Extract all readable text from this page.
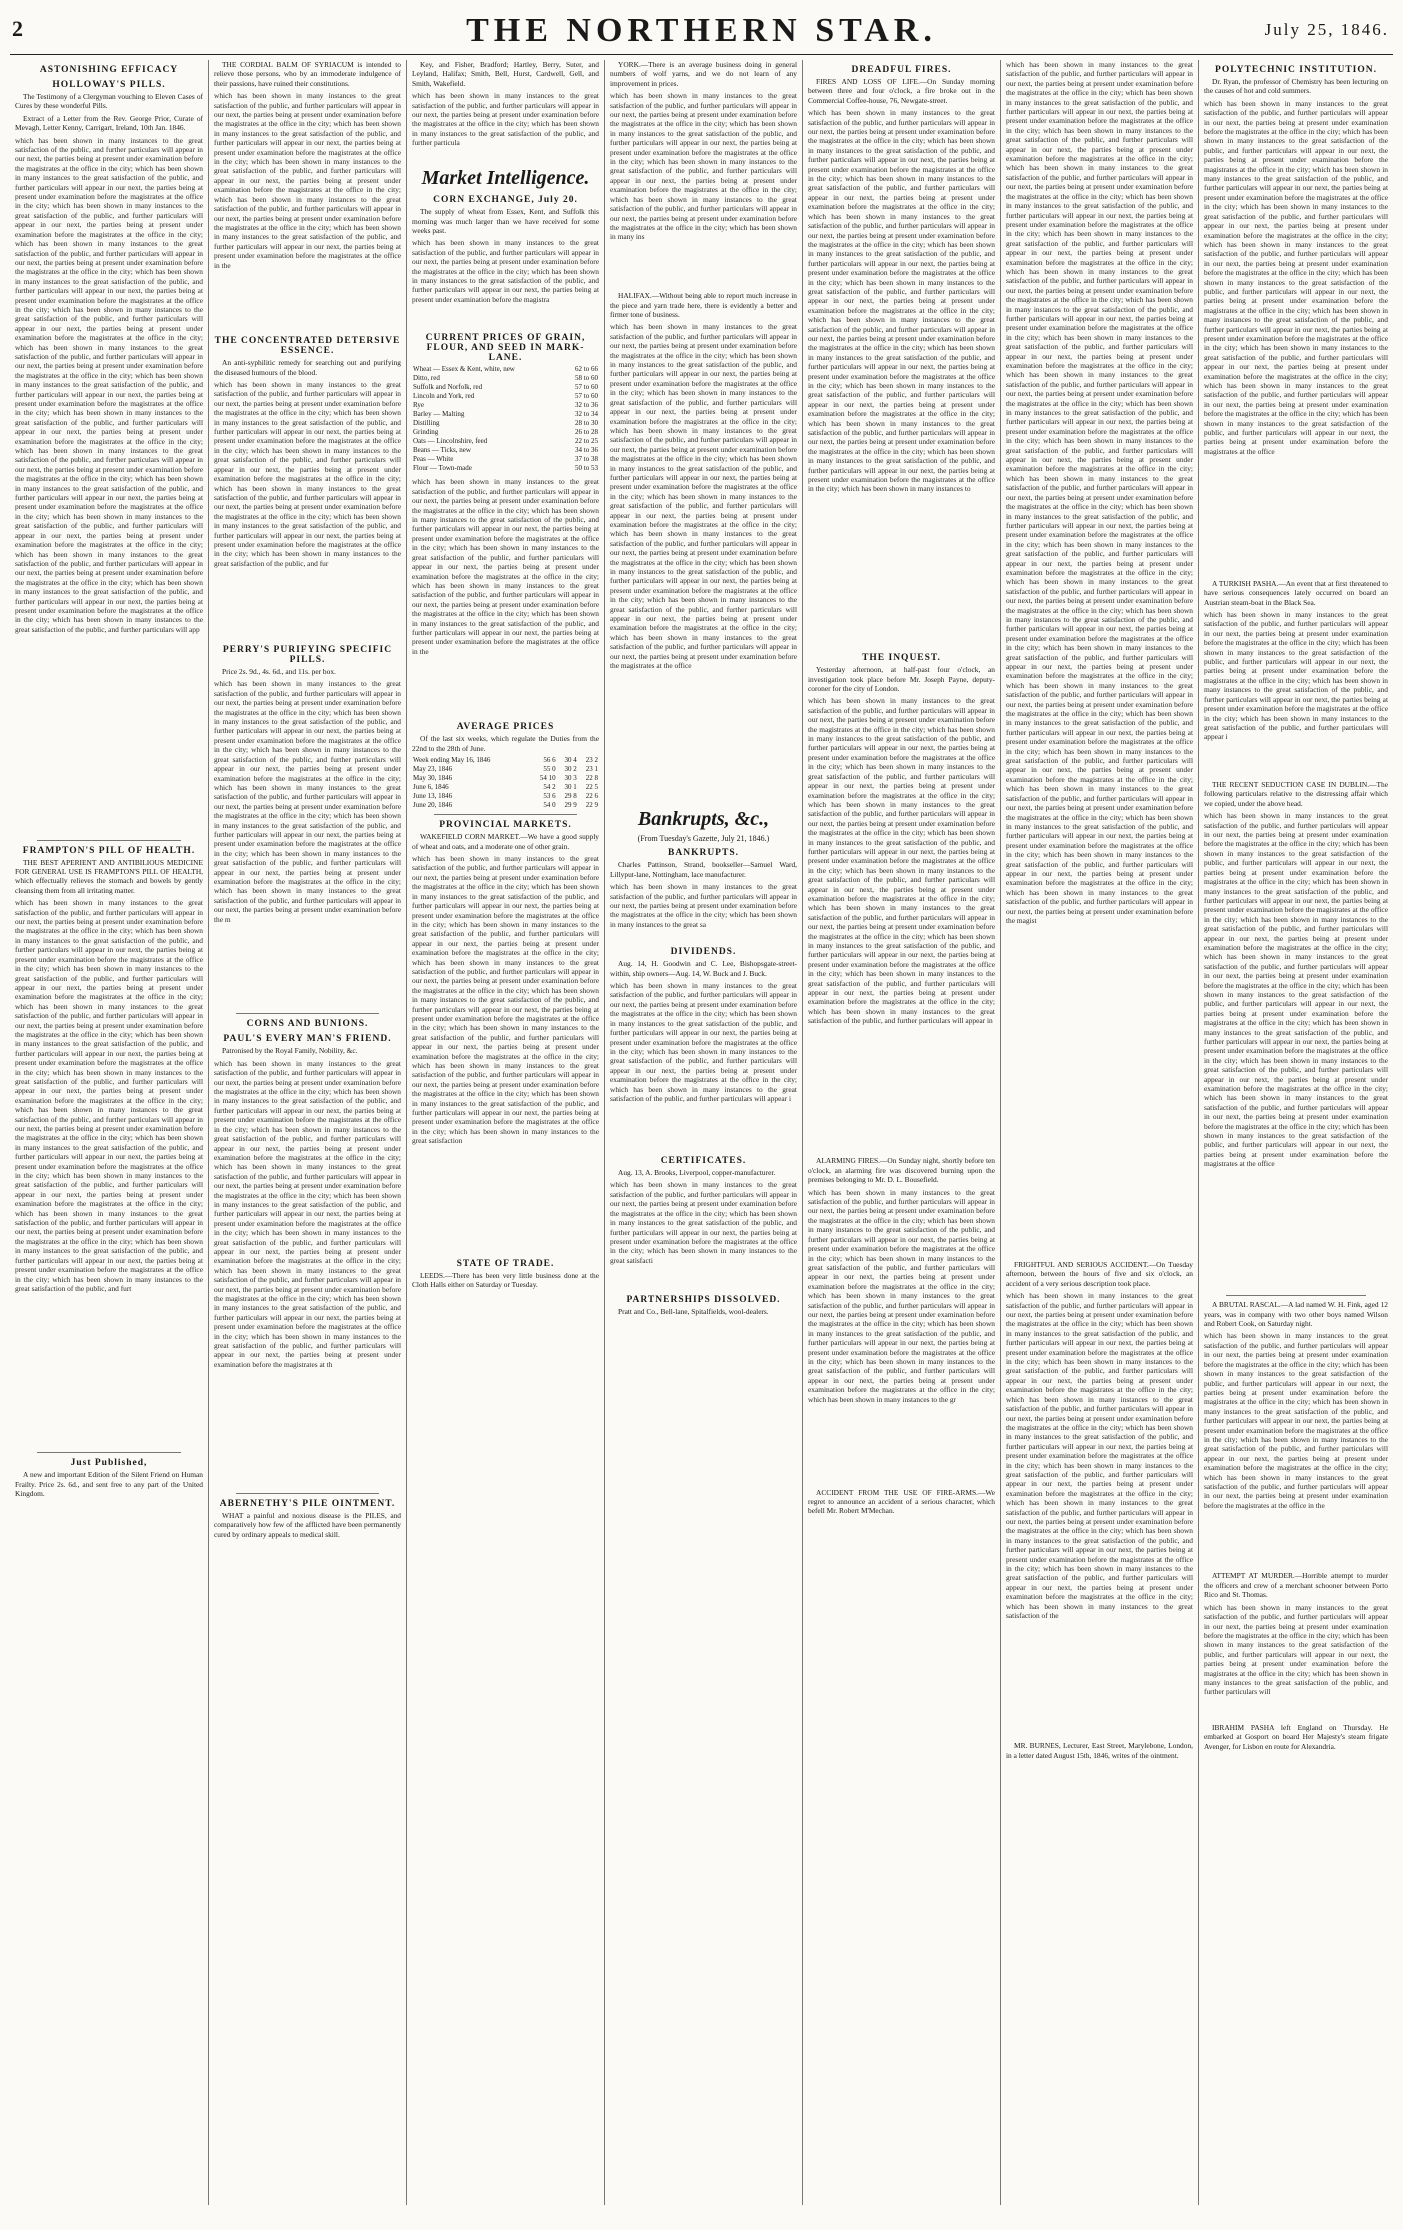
2	THE NORTHERN STAR.	July 25, 1846.
ASTONISHING EFFICACY
HOLLOWAY'S PILLS.

The Testimony of a Clergyman vouching to Eleven Cases of Cures by these wonderful Pills.

Extract of a Letter from the Rev. George Prior, Curate of Mevagh, Letter Kenny, Carrigart, Ireland, 10th Jan. 1846.

which has been shown in many instances to the great satisfaction of the public, and further particulars will appear in our next, the parties being at present under examination before the magistrates at the office in the city; which has been shown in many instances to the great satisfaction of the public, and further particulars will appear in our next, the parties being at present under examination before the magistrates at the office in the city; which has been shown in many instances to the great satisfaction of the public, and further particulars will appear in our next, the parties being at present under examination before the magistrates at the office in the city; which has been shown in many instances to the great satisfaction of the public, and further particulars will appear in our next, the parties being at present under examination before the magistrates at the office in the city; which has been shown in many instances to the great satisfaction of the public, and further particulars will appear in our next, the parties being at present under examination before the magistrates at the office in the city; which has been shown in many instances to the great satisfaction of the public, and further particulars will appear in our next, the parties being at present under examination before the magistrates at the office in the city; which has been shown in many instances to the great satisfaction of the public, and further particulars will appear in our next, the parties being at present under examination before the magistrates at the office in the city; which has been shown in many instances to the great satisfaction of the public, and further particulars will appear in our next, the parties being at present under examination before the magistrates at the office in the city; which has been shown in many instances to the great satisfaction of the public, and further particulars will appear in our next, the parties being at present under examination before the magistrates at the office in the city; which has been shown in many instances to the great satisfaction of the public, and further particulars will appear in our next, the parties being at present under examination before the magistrates at the office in the city; which has been shown in many instances to the great satisfaction of the public, and further particulars will appear in our next, the parties being at present under examination before the magistrates at the office in the city; which has been shown in many instances to the great satisfaction of the public, and further particulars will appear in our next, the parties being at present under examination before the magistrates at the office in the city; which has been shown in many instances to the great satisfaction of the public, and further particulars will appear in our next, the parties being at present under examination before the magistrates at the office in the city; which has been shown in many instances to the great satisfaction of the public, and further particulars will appear in our next, the parties being at present under examination before the magistrates at the office in the city; which has been shown in many instances to the great satisfaction of the public, and further particulars will app
FRAMPTON'S PILL OF HEALTH.

THE BEST APERIENT AND ANTIBILIOUS MEDICINE FOR GENERAL USE IS FRAMPTON'S PILL OF HEALTH, which effectually relieves the stomach and bowels by gently cleansing them from all irritating matter.

which has been shown in many instances to the great satisfaction of the public, and further particulars will appear in our next, the parties being at present under examination before the magistrates at the office in the city; which has been shown in many instances to the great satisfaction of the public, and further particulars will appear in our next, the parties being at present under examination before the magistrates at the office in the city; which has been shown in many instances to the great satisfaction of the public, and further particulars will appear in our next, the parties being at present under examination before the magistrates at the office in the city; which has been shown in many instances to the great satisfaction of the public, and further particulars will appear in our next, the parties being at present under examination before the magistrates at the office in the city; which has been shown in many instances to the great satisfaction of the public, and further particulars will appear in our next, the parties being at present under examination before the magistrates at the office in the city; which has been shown in many instances to the great satisfaction of the public, and further particulars will appear in our next, the parties being at present under examination before the magistrates at the office in the city; which has been shown in many instances to the great satisfaction of the public, and further particulars will appear in our next, the parties being at present under examination before the magistrates at the office in the city; which has been shown in many instances to the great satisfaction of the public, and further particulars will appear in our next, the parties being at present under examination before the magistrates at the office in the city; which has been shown in many instances to the great satisfaction of the public, and further particulars will appear in our next, the parties being at present under examination before the magistrates at the office in the city; which has been shown in many instances to the great satisfaction of the public, and further particulars will appear in our next, the parties being at present under examination before the magistrates at the office in the city; which has been shown in many instances to the great satisfaction of the public, and further particulars will appear in our next, the parties being at present under examination before the magistrates at the office in the city; which has been shown in many instances to the great satisfaction of the public, and furt
Just Published,

A new and important Edition of the Silent Friend on Human Frailty. Price 2s. 6d., and sent free to any part of the United Kingdom.

THE CORDIAL BALM OF SYRIACUM is intended to relieve those persons, who by an immoderate indulgence of their passions, have ruined their constitutions.

which has been shown in many instances to the great satisfaction of the public, and further particulars will appear in our next, the parties being at present under examination before the magistrates at the office in the city; which has been shown in many instances to the great satisfaction of the public, and further particulars will appear in our next, the parties being at present under examination before the magistrates at the office in the city; which has been shown in many instances to the great satisfaction of the public, and further particulars will appear in our next, the parties being at present under examination before the magistrates at the office in the city; which has been shown in many instances to the great satisfaction of the public, and further particulars will appear in our next, the parties being at present under examination before the magistrates at the office in the city; which has been shown in many instances to the great satisfaction of the public, and further particulars will appear in our next, the parties being at present under examination before the magistrates at the office in the
THE CONCENTRATED DETERSIVE ESSENCE.

An anti-syphilitic remedy for searching out and purifying the diseased humours of the blood.

which has been shown in many instances to the great satisfaction of the public, and further particulars will appear in our next, the parties being at present under examination before the magistrates at the office in the city; which has been shown in many instances to the great satisfaction of the public, and further particulars will appear in our next, the parties being at present under examination before the magistrates at the office in the city; which has been shown in many instances to the great satisfaction of the public, and further particulars will appear in our next, the parties being at present under examination before the magistrates at the office in the city; which has been shown in many instances to the great satisfaction of the public, and further particulars will appear in our next, the parties being at present under examination before the magistrates at the office in the city; which has been shown in many instances to the great satisfaction of the public, and further particulars will appear in our next, the parties being at present under examination before the magistrates at the office in the city; which has been shown in many instances to the great satisfaction of the public, and fur
PERRY'S PURIFYING SPECIFIC PILLS.

Price 2s. 9d., 4s. 6d., and 11s. per box.

which has been shown in many instances to the great satisfaction of the public, and further particulars will appear in our next, the parties being at present under examination before the magistrates at the office in the city; which has been shown in many instances to the great satisfaction of the public, and further particulars will appear in our next, the parties being at present under examination before the magistrates at the office in the city; which has been shown in many instances to the great satisfaction of the public, and further particulars will appear in our next, the parties being at present under examination before the magistrates at the office in the city; which has been shown in many instances to the great satisfaction of the public, and further particulars will appear in our next, the parties being at present under examination before the magistrates at the office in the city; which has been shown in many instances to the great satisfaction of the public, and further particulars will appear in our next, the parties being at present under examination before the magistrates at the office in the city; which has been shown in many instances to the great satisfaction of the public, and further particulars will appear in our next, the parties being at present under examination before the magistrates at the office in the city; which has been shown in many instances to the great satisfaction of the public, and further particulars will appear in our next, the parties being at present under examination before the m
CORNS AND BUNIONS.
PAUL'S EVERY MAN'S FRIEND.

Patronised by the Royal Family, Nobility, &c.

which has been shown in many instances to the great satisfaction of the public, and further particulars will appear in our next, the parties being at present under examination before the magistrates at the office in the city; which has been shown in many instances to the great satisfaction of the public, and further particulars will appear in our next, the parties being at present under examination before the magistrates at the office in the city; which has been shown in many instances to the great satisfaction of the public, and further particulars will appear in our next, the parties being at present under examination before the magistrates at the office in the city; which has been shown in many instances to the great satisfaction of the public, and further particulars will appear in our next, the parties being at present under examination before the magistrates at the office in the city; which has been shown in many instances to the great satisfaction of the public, and further particulars will appear in our next, the parties being at present under examination before the magistrates at the office in the city; which has been shown in many instances to the great satisfaction of the public, and further particulars will appear in our next, the parties being at present under examination before the magistrates at the office in the city; which has been shown in many instances to the great satisfaction of the public, and further particulars will appear in our next, the parties being at present under examination before the magistrates at the office in the city; which has been shown in many instances to the great satisfaction of the public, and further particulars will appear in our next, the parties being at present under examination before the magistrates at the office in the city; which has been shown in many instances to the great satisfaction of the public, and further particulars will appear in our next, the parties being at present under examination before the magistrates at th
ABERNETHY'S PILE OINTMENT.

WHAT a painful and noxious disease is the PILES, and comparatively how few of the afflicted have been permanently cured by ordinary appeals to medical skill.

Key, and Fisher, Bradford; Hartley, Berry, Suter, and Leyland, Halifax; Smith, Bell, Hurst, Cardwell, Gell, and Smith, Wakefield.

which has been shown in many instances to the great satisfaction of the public, and further particulars will appear in our next, the parties being at present under examination before the magistrates at the office in the city; which has been shown in many instances to the great satisfaction of the public, and further particula
Market Intelligence.
CORN EXCHANGE, July 20.

The supply of wheat from Essex, Kent, and Suffolk this morning was much larger than we have received for some weeks past.

which has been shown in many instances to the great satisfaction of the public, and further particulars will appear in our next, the parties being at present under examination before the magistrates at the office in the city; which has been shown in many instances to the great satisfaction of the public, and further particulars will appear in our next, the parties being at present under examination before the magistra
CURRENT PRICES OF GRAIN, FLOUR, AND SEED IN MARK-LANE.
Wheat — Essex & Kent, white, new	62 to 66
Ditto, red	58 to 60
Suffolk and Norfolk, red	57 to 60
Lincoln and York, red	57 to 60
Rye	32 to 36
Barley — Malting	32 to 34
Distilling	28 to 30
Grinding	26 to 28
Oats — Lincolnshire, feed	22 to 25
Beans — Ticks, new	34 to 36
Peas — White	37 to 38
Flour — Town-made	50 to 53
which has been shown in many instances to the great satisfaction of the public, and further particulars will appear in our next, the parties being at present under examination before the magistrates at the office in the city; which has been shown in many instances to the great satisfaction of the public, and further particulars will appear in our next, the parties being at present under examination before the magistrates at the office in the city; which has been shown in many instances to the great satisfaction of the public, and further particulars will appear in our next, the parties being at present under examination before the magistrates at the office in the city; which has been shown in many instances to the great satisfaction of the public, and further particulars will appear in our next, the parties being at present under examination before the magistrates at the office in the city; which has been shown in many instances to the great satisfaction of the public, and further particulars will appear in our next, the parties being at present under examination before the magistrates at the office in the
AVERAGE PRICES

Of the last six weeks, which regulate the Duties from the 22nd to the 28th of June.

Week ending May 16, 1846	56 6	30 4	23 2
May 23, 1846	55 0	30 2	23 1
May 30, 1846	54 10	30 3	22 8
June 6, 1846	54 2	30 1	22 5
June 13, 1846	53 6	29 8	22 6
June 20, 1846	54 0	29 9	22 9
PROVINCIAL MARKETS.

WAKEFIELD CORN MARKET.—We have a good supply of wheat and oats, and a moderate one of other grain.

which has been shown in many instances to the great satisfaction of the public, and further particulars will appear in our next, the parties being at present under examination before the magistrates at the office in the city; which has been shown in many instances to the great satisfaction of the public, and further particulars will appear in our next, the parties being at present under examination before the magistrates at the office in the city; which has been shown in many instances to the great satisfaction of the public, and further particulars will appear in our next, the parties being at present under examination before the magistrates at the office in the city; which has been shown in many instances to the great satisfaction of the public, and further particulars will appear in our next, the parties being at present under examination before the magistrates at the office in the city; which has been shown in many instances to the great satisfaction of the public, and further particulars will appear in our next, the parties being at present under examination before the magistrates at the office in the city; which has been shown in many instances to the great satisfaction of the public, and further particulars will appear in our next, the parties being at present under examination before the magistrates at the office in the city; which has been shown in many instances to the great satisfaction of the public, and further particulars will appear in our next, the parties being at present under examination before the magistrates at the office in the city; which has been shown in many instances to the great satisfaction of the public, and further particulars will appear in our next, the parties being at present under examination before the magistrates at the office in the city; which has been shown in many instances to the great satisfaction
STATE OF TRADE.

LEEDS.—There has been very little business done at the Cloth Halls either on Saturday or Tuesday.

YORK.—There is an average business doing in general numbers of wolf yarns, and we do not learn of any improvement in prices.

which has been shown in many instances to the great satisfaction of the public, and further particulars will appear in our next, the parties being at present under examination before the magistrates at the office in the city; which has been shown in many instances to the great satisfaction of the public, and further particulars will appear in our next, the parties being at present under examination before the magistrates at the office in the city; which has been shown in many instances to the great satisfaction of the public, and further particulars will appear in our next, the parties being at present under examination before the magistrates at the office in the city; which has been shown in many instances to the great satisfaction of the public, and further particulars will appear in our next, the parties being at present under examination before the magistrates at the office in the city; which has been shown in many ins

HALIFAX.—Without being able to report much increase in the piece and yarn trade here, there is evidently a better and firmer tone of business.

which has been shown in many instances to the great satisfaction of the public, and further particulars will appear in our next, the parties being at present under examination before the magistrates at the office in the city; which has been shown in many instances to the great satisfaction of the public, and further particulars will appear in our next, the parties being at present under examination before the magistrates at the office in the city; which has been shown in many instances to the great satisfaction of the public, and further particulars will appear in our next, the parties being at present under examination before the magistrates at the office in the city; which has been shown in many instances to the great satisfaction of the public, and further particulars will appear in our next, the parties being at present under examination before the magistrates at the office in the city; which has been shown in many instances to the great satisfaction of the public, and further particulars will appear in our next, the parties being at present under examination before the magistrates at the office in the city; which has been shown in many instances to the great satisfaction of the public, and further particulars will appear in our next, the parties being at present under examination before the magistrates at the office in the city; which has been shown in many instances to the great satisfaction of the public, and further particulars will appear in our next, the parties being at present under examination before the magistrates at the office in the city; which has been shown in many instances to the great satisfaction of the public, and further particulars will appear in our next, the parties being at present under examination before the magistrates at the office in the city; which has been shown in many instances to the great satisfaction of the public, and further particulars will appear in our next, the parties being at present under examination before the magistrates at the office in the city; which has been shown in many instances to the great satisfaction of the public, and further particulars will appear in our next, the parties being at present under examination before the magistrates at the office
Bankrupts, &c.,
(From Tuesday's Gazette, July 21, 1846.)
BANKRUPTS.

Charles Pattinson, Strand, bookseller—Samuel Ward, Lillyput-lane, Nottingham, lace manufacturer.

which has been shown in many instances to the great satisfaction of the public, and further particulars will appear in our next, the parties being at present under examination before the magistrates at the office in the city; which has been shown in many instances to the great sa
DIVIDENDS.

Aug. 14, H. Goodwin and C. Lee, Bishopsgate-street-within, ship owners—Aug. 14, W. Buck and J. Buck.

which has been shown in many instances to the great satisfaction of the public, and further particulars will appear in our next, the parties being at present under examination before the magistrates at the office in the city; which has been shown in many instances to the great satisfaction of the public, and further particulars will appear in our next, the parties being at present under examination before the magistrates at the office in the city; which has been shown in many instances to the great satisfaction of the public, and further particulars will appear in our next, the parties being at present under examination before the magistrates at the office in the city; which has been shown in many instances to the great satisfaction of the public, and further particulars will appear i
CERTIFICATES.

Aug. 13, A. Brooks, Liverpool, copper-manufacturer.

which has been shown in many instances to the great satisfaction of the public, and further particulars will appear in our next, the parties being at present under examination before the magistrates at the office in the city; which has been shown in many instances to the great satisfaction of the public, and further particulars will appear in our next, the parties being at present under examination before the magistrates at the office in the city; which has been shown in many instances to the great satisfacti
PARTNERSHIPS DISSOLVED.

Pratt and Co., Bell-lane, Spitalfields, wool-dealers.

DREADFUL FIRES.

FIRES AND LOSS OF LIFE.—On Sunday morning between three and four o'clock, a fire broke out in the Commercial Coffee-house, 76, Newgate-street.

which has been shown in many instances to the great satisfaction of the public, and further particulars will appear in our next, the parties being at present under examination before the magistrates at the office in the city; which has been shown in many instances to the great satisfaction of the public, and further particulars will appear in our next, the parties being at present under examination before the magistrates at the office in the city; which has been shown in many instances to the great satisfaction of the public, and further particulars will appear in our next, the parties being at present under examination before the magistrates at the office in the city; which has been shown in many instances to the great satisfaction of the public, and further particulars will appear in our next, the parties being at present under examination before the magistrates at the office in the city; which has been shown in many instances to the great satisfaction of the public, and further particulars will appear in our next, the parties being at present under examination before the magistrates at the office in the city; which has been shown in many instances to the great satisfaction of the public, and further particulars will appear in our next, the parties being at present under examination before the magistrates at the office in the city; which has been shown in many instances to the great satisfaction of the public, and further particulars will appear in our next, the parties being at present under examination before the magistrates at the office in the city; which has been shown in many instances to the great satisfaction of the public, and further particulars will appear in our next, the parties being at present under examination before the magistrates at the office in the city; which has been shown in many instances to the great satisfaction of the public, and further particulars will appear in our next, the parties being at present under examination before the magistrates at the office in the city; which has been shown in many instances to the great satisfaction of the public, and further particulars will appear in our next, the parties being at present under examination before the magistrates at the office in the city; which has been shown in many instances to the great satisfaction of the public, and further particulars will appear in our next, the parties being at present under examination before the magistrates at the office in the city; which has been shown in many instances to
THE INQUEST.

Yesterday afternoon, at half-past four o'clock, an investigation took place before Mr. Joseph Payne, deputy-coroner for the city of London.

which has been shown in many instances to the great satisfaction of the public, and further particulars will appear in our next, the parties being at present under examination before the magistrates at the office in the city; which has been shown in many instances to the great satisfaction of the public, and further particulars will appear in our next, the parties being at present under examination before the magistrates at the office in the city; which has been shown in many instances to the great satisfaction of the public, and further particulars will appear in our next, the parties being at present under examination before the magistrates at the office in the city; which has been shown in many instances to the great satisfaction of the public, and further particulars will appear in our next, the parties being at present under examination before the magistrates at the office in the city; which has been shown in many instances to the great satisfaction of the public, and further particulars will appear in our next, the parties being at present under examination before the magistrates at the office in the city; which has been shown in many instances to the great satisfaction of the public, and further particulars will appear in our next, the parties being at present under examination before the magistrates at the office in the city; which has been shown in many instances to the great satisfaction of the public, and further particulars will appear in our next, the parties being at present under examination before the magistrates at the office in the city; which has been shown in many instances to the great satisfaction of the public, and further particulars will appear in our next, the parties being at present under examination before the magistrates at the office in the city; which has been shown in many instances to the great satisfaction of the public, and further particulars will appear in our next, the parties being at present under examination before the magistrates at the office in the city; which has been shown in many instances to the great satisfaction of the public, and further particulars will appear in

ALARMING FIRES.—On Sunday night, shortly before ten o'clock, an alarming fire was discovered burning upon the premises belonging to Mr. D. L. Bousefield.

which has been shown in many instances to the great satisfaction of the public, and further particulars will appear in our next, the parties being at present under examination before the magistrates at the office in the city; which has been shown in many instances to the great satisfaction of the public, and further particulars will appear in our next, the parties being at present under examination before the magistrates at the office in the city; which has been shown in many instances to the great satisfaction of the public, and further particulars will appear in our next, the parties being at present under examination before the magistrates at the office in the city; which has been shown in many instances to the great satisfaction of the public, and further particulars will appear in our next, the parties being at present under examination before the magistrates at the office in the city; which has been shown in many instances to the great satisfaction of the public, and further particulars will appear in our next, the parties being at present under examination before the magistrates at the office in the city; which has been shown in many instances to the great satisfaction of the public, and further particulars will appear in our next, the parties being at present under examination before the magistrates at the office in the city; which has been shown in many instances to the gr

ACCIDENT FROM THE USE OF FIRE-ARMS.—We regret to announce an accident of a serious character, which befell Mr. Robert M'Mechan.

which has been shown in many instances to the great satisfaction of the public, and further particulars will appear in our next, the parties being at present under examination before the magistrates at the office in the city; which has been shown in many instances to the great satisfaction of the public, and further particulars will appear in our next, the parties being at present under examination before the magistrates at the office in the city; which has been shown in many instances to the great satisfaction of the public, and further particulars will appear in our next, the parties being at present under examination before the magistrates at the office in the city; which has been shown in many instances to the great satisfaction of the public, and further particulars will appear in our next, the parties being at present under examination before the magistrates at the office in the city; which has been shown in many instances to the great satisfaction of the public, and further particulars will appear in our next, the parties being at present under examination before the magistrates at the office in the city; which has been shown in many instances to the great satisfaction of the public, and further particulars will appear in our next, the parties being at present under examination before the magistrates at the office in the city; which has been shown in many instances to the great satisfaction of the public, and further particulars will appear in our next, the parties being at present under examination before the magistrates at the office in the city; which has been shown in many instances to the great satisfaction of the public, and further particulars will appear in our next, the parties being at present under examination before the magistrates at the office in the city; which has been shown in many instances to the great satisfaction of the public, and further particulars will appear in our next, the parties being at present under examination before the magistrates at the office in the city; which has been shown in many instances to the great satisfaction of the public, and further particulars will appear in our next, the parties being at present under examination before the magistrates at the office in the city; which has been shown in many instances to the great satisfaction of the public, and further particulars will appear in our next, the parties being at present under examination before the magistrates at the office in the city; which has been shown in many instances to the great satisfaction of the public, and further particulars will appear in our next, the parties being at present under examination before the magistrates at the office in the city; which has been shown in many instances to the great satisfaction of the public, and further particulars will appear in our next, the parties being at present under examination before the magistrates at the office in the city; which has been shown in many instances to the great satisfaction of the public, and further particulars will appear in our next, the parties being at present under examination before the magistrates at the office in the city; which has been shown in many instances to the great satisfaction of the public, and further particulars will appear in our next, the parties being at present under examination before the magistrates at the office in the city; which has been shown in many instances to the great satisfaction of the public, and further particulars will appear in our next, the parties being at present under examination before the magistrates at the office in the city; which has been shown in many instances to the great satisfaction of the public, and further particulars will appear in our next, the parties being at present under examination before the magistrates at the office in the city; which has been shown in many instances to the great satisfaction of the public, and further particulars will appear in our next, the parties being at present under examination before the magistrates at the office in the city; which has been shown in many instances to the great satisfaction of the public, and further particulars will appear in our next, the parties being at present under examination before the magistrates at the office in the city; which has been shown in many instances to the great satisfaction of the public, and further particulars will appear in our next, the parties being at present under examination before the magistrates at the office in the city; which has been shown in many instances to the great satisfaction of the public, and further particulars will appear in our next, the parties being at present under examination before the magistrates at the office in the city; which has been shown in many instances to the great satisfaction of the public, and further particulars will appear in our next, the parties being at present under examination before the magistrates at the office in the city; which has been shown in many instances to the great satisfaction of the public, and further particulars will appear in our next, the parties being at present under examination before the magistrates at the office in the city; which has been shown in many instances to the great satisfaction of the public, and further particulars will appear in our next, the parties being at present under examination before the magistrates at the office in the city; which has been shown in many instances to the great satisfaction of the public, and further particulars will appear in our next, the parties being at present under examination before the magist

FRIGHTFUL AND SERIOUS ACCIDENT.—On Tuesday afternoon, between the hours of five and six o'clock, an accident of a very serious description took place.

which has been shown in many instances to the great satisfaction of the public, and further particulars will appear in our next, the parties being at present under examination before the magistrates at the office in the city; which has been shown in many instances to the great satisfaction of the public, and further particulars will appear in our next, the parties being at present under examination before the magistrates at the office in the city; which has been shown in many instances to the great satisfaction of the public, and further particulars will appear in our next, the parties being at present under examination before the magistrates at the office in the city; which has been shown in many instances to the great satisfaction of the public, and further particulars will appear in our next, the parties being at present under examination before the magistrates at the office in the city; which has been shown in many instances to the great satisfaction of the public, and further particulars will appear in our next, the parties being at present under examination before the magistrates at the office in the city; which has been shown in many instances to the great satisfaction of the public, and further particulars will appear in our next, the parties being at present under examination before the magistrates at the office in the city; which has been shown in many instances to the great satisfaction of the public, and further particulars will appear in our next, the parties being at present under examination before the magistrates at the office in the city; which has been shown in many instances to the great satisfaction of the public, and further particulars will appear in our next, the parties being at present under examination before the magistrates at the office in the city; which has been shown in many instances to the great satisfaction of the public, and further particulars will appear in our next, the parties being at present under examination before the magistrates at the office in the city; which has been shown in many instances to the great satisfaction of the

MR. BURNES, Lecturer, East Street, Marylebone, London, in a letter dated August 15th, 1846, writes of the ointment.

POLYTECHNIC INSTITUTION.

Dr. Ryan, the professor of Chemistry has been lecturing on the causes of hot and cold summers.

which has been shown in many instances to the great satisfaction of the public, and further particulars will appear in our next, the parties being at present under examination before the magistrates at the office in the city; which has been shown in many instances to the great satisfaction of the public, and further particulars will appear in our next, the parties being at present under examination before the magistrates at the office in the city; which has been shown in many instances to the great satisfaction of the public, and further particulars will appear in our next, the parties being at present under examination before the magistrates at the office in the city; which has been shown in many instances to the great satisfaction of the public, and further particulars will appear in our next, the parties being at present under examination before the magistrates at the office in the city; which has been shown in many instances to the great satisfaction of the public, and further particulars will appear in our next, the parties being at present under examination before the magistrates at the office in the city; which has been shown in many instances to the great satisfaction of the public, and further particulars will appear in our next, the parties being at present under examination before the magistrates at the office in the city; which has been shown in many instances to the great satisfaction of the public, and further particulars will appear in our next, the parties being at present under examination before the magistrates at the office in the city; which has been shown in many instances to the great satisfaction of the public, and further particulars will appear in our next, the parties being at present under examination before the magistrates at the office in the city; which has been shown in many instances to the great satisfaction of the public, and further particulars will appear in our next, the parties being at present under examination before the magistrates at the office in the city; which has been shown in many instances to the great satisfaction of the public, and further particulars will appear in our next, the parties being at present under examination before the magistrates at the office

A TURKISH PASHA.—An event that at first threatened to have serious consequences lately occurred on board an Austrian steam-boat in the Black Sea.

which has been shown in many instances to the great satisfaction of the public, and further particulars will appear in our next, the parties being at present under examination before the magistrates at the office in the city; which has been shown in many instances to the great satisfaction of the public, and further particulars will appear in our next, the parties being at present under examination before the magistrates at the office in the city; which has been shown in many instances to the great satisfaction of the public, and further particulars will appear in our next, the parties being at present under examination before the magistrates at the office in the city; which has been shown in many instances to the great satisfaction of the public, and further particulars will appear i

THE RECENT SEDUCTION CASE IN DUBLIN.—The following particulars relative to the distressing affair which we copied, under the above head.

which has been shown in many instances to the great satisfaction of the public, and further particulars will appear in our next, the parties being at present under examination before the magistrates at the office in the city; which has been shown in many instances to the great satisfaction of the public, and further particulars will appear in our next, the parties being at present under examination before the magistrates at the office in the city; which has been shown in many instances to the great satisfaction of the public, and further particulars will appear in our next, the parties being at present under examination before the magistrates at the office in the city; which has been shown in many instances to the great satisfaction of the public, and further particulars will appear in our next, the parties being at present under examination before the magistrates at the office in the city; which has been shown in many instances to the great satisfaction of the public, and further particulars will appear in our next, the parties being at present under examination before the magistrates at the office in the city; which has been shown in many instances to the great satisfaction of the public, and further particulars will appear in our next, the parties being at present under examination before the magistrates at the office in the city; which has been shown in many instances to the great satisfaction of the public, and further particulars will appear in our next, the parties being at present under examination before the magistrates at the office in the city; which has been shown in many instances to the great satisfaction of the public, and further particulars will appear in our next, the parties being at present under examination before the magistrates at the office in the city; which has been shown in many instances to the great satisfaction of the public, and further particulars will appear in our next, the parties being at present under examination before the magistrates at the office in the city; which has been shown in many instances to the great satisfaction of the public, and further particulars will appear in our next, the parties being at present under examination before the magistrates at the office

A BRUTAL RASCAL.—A lad named W. H. Fink, aged 12 years, was in company with two other boys named Wilson and Robert Cook, on Saturday night.

which has been shown in many instances to the great satisfaction of the public, and further particulars will appear in our next, the parties being at present under examination before the magistrates at the office in the city; which has been shown in many instances to the great satisfaction of the public, and further particulars will appear in our next, the parties being at present under examination before the magistrates at the office in the city; which has been shown in many instances to the great satisfaction of the public, and further particulars will appear in our next, the parties being at present under examination before the magistrates at the office in the city; which has been shown in many instances to the great satisfaction of the public, and further particulars will appear in our next, the parties being at present under examination before the magistrates at the office in the city; which has been shown in many instances to the great satisfaction of the public, and further particulars will appear in our next, the parties being at present under examination before the magistrates at the office in the

ATTEMPT AT MURDER.—Horrible attempt to murder the officers and crew of a merchant schooner between Porto Rico and St. Thomas.

which has been shown in many instances to the great satisfaction of the public, and further particulars will appear in our next, the parties being at present under examination before the magistrates at the office in the city; which has been shown in many instances to the great satisfaction of the public, and further particulars will appear in our next, the parties being at present under examination before the magistrates at the office in the city; which has been shown in many instances to the great satisfaction of the public, and further particulars will

IBRAHIM PASHA left England on Thursday. He embarked at Gosport on board Her Majesty's steam frigate Avenger, for Lisbon en route for Alexandria.
